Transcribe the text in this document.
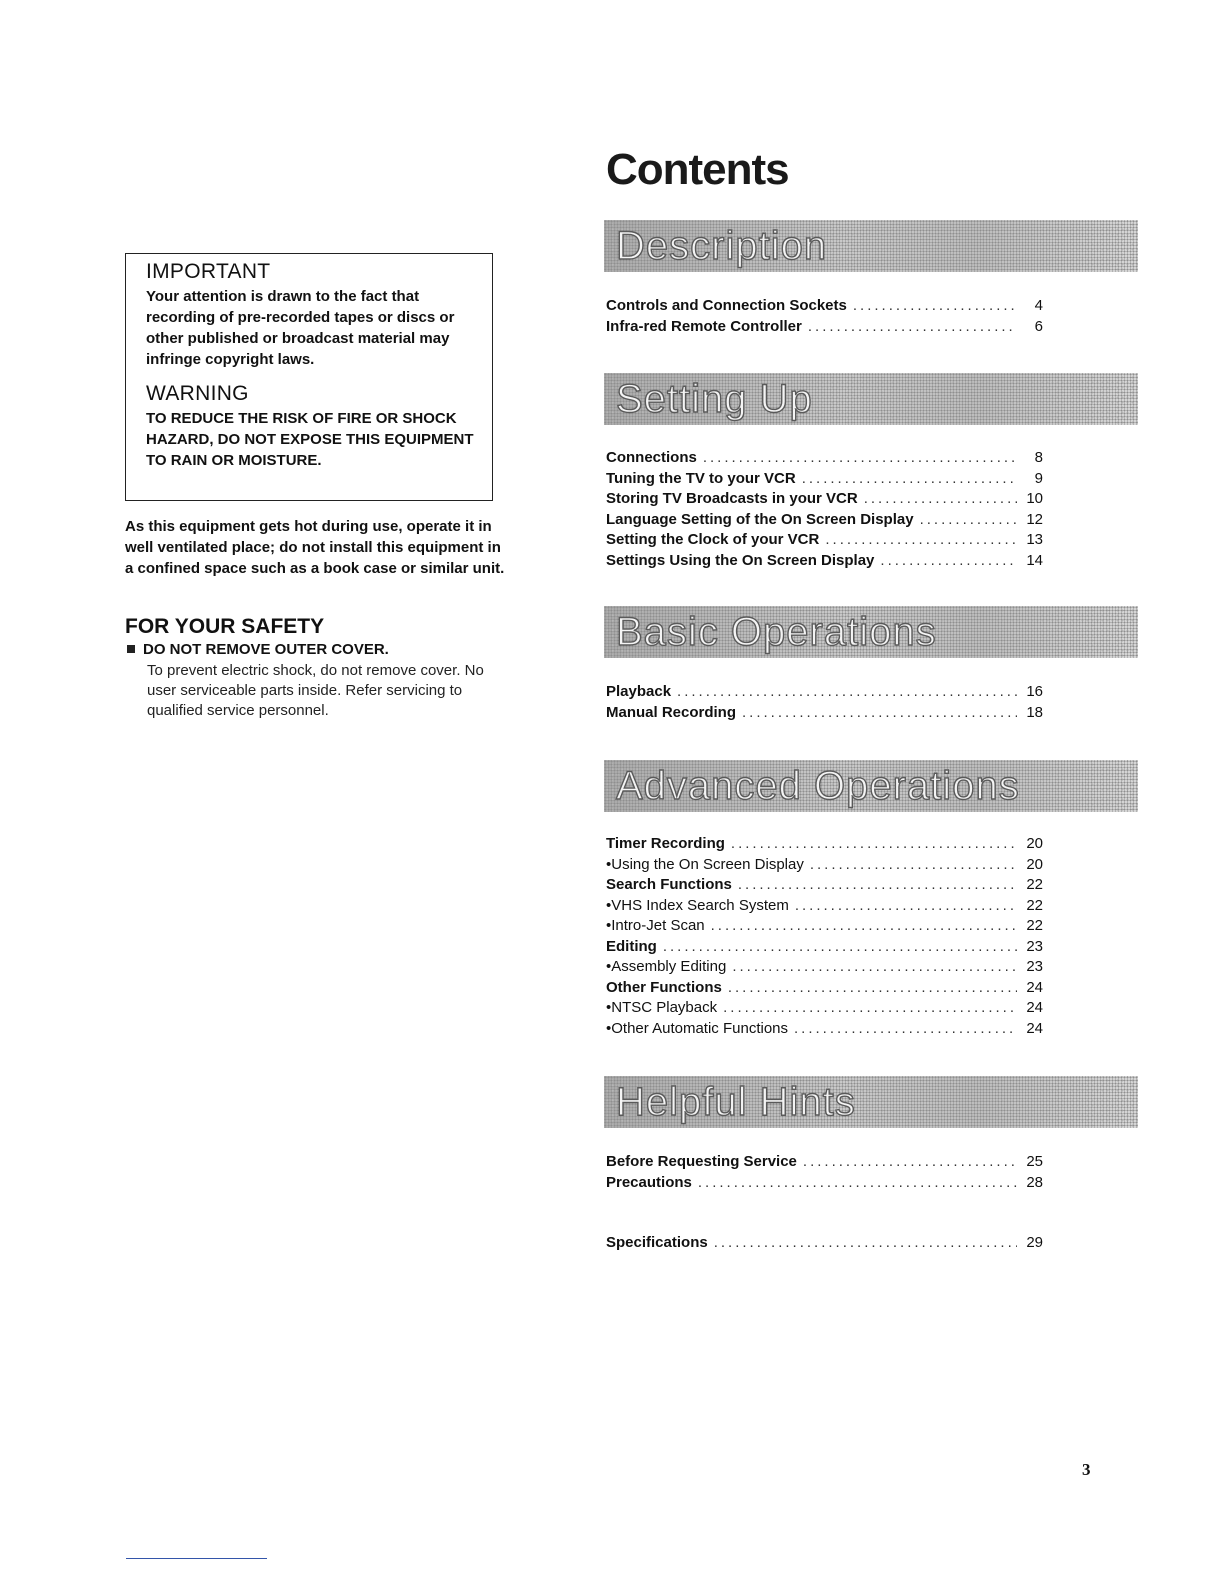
Contents
IMPORTANT

Your attention is drawn to the fact that recording of pre-recorded tapes or discs or other published or broadcast material may infringe copyright laws.

WARNING

TO REDUCE THE RISK OF FIRE OR SHOCK HAZARD, DO NOT EXPOSE THIS EQUIPMENT TO RAIN OR MOISTURE.

As this equipment gets hot during use, operate it in well ventilated place; do not install this equipment in a confined space such as a book case or similar unit.

FOR YOUR SAFETY
DO NOT REMOVE OUTER COVER.
To prevent electric shock, do not remove cover. No user serviceable parts inside. Refer servicing to qualified service personnel.
Description
Controls and Connection Sockets .....	4
Infra-red Remote Controller .....	6
Setting Up
Connections .....	8
Tuning the TV to your VCR .....	9
Storing TV Broadcasts in your VCR .....	10
Language Setting of the On Screen Display .....	12
Setting the Clock of your VCR .....	13
Settings Using the On Screen Display .....	14
Basic Operations
Playback .....	16
Manual Recording .....	18
Advanced Operations
Timer Recording .....	20
•Using the On Screen Display .....	20
Search Functions .....	22
•VHS Index Search System .....	22
•Intro-Jet Scan .....	22
Editing .....	23
•Assembly Editing .....	23
Other Functions .....	24
•NTSC Playback .....	24
•Other Automatic Functions .....	24
Helpful Hints
Before Requesting Service .....	25
Precautions .....	28
Specifications .....	29
3
